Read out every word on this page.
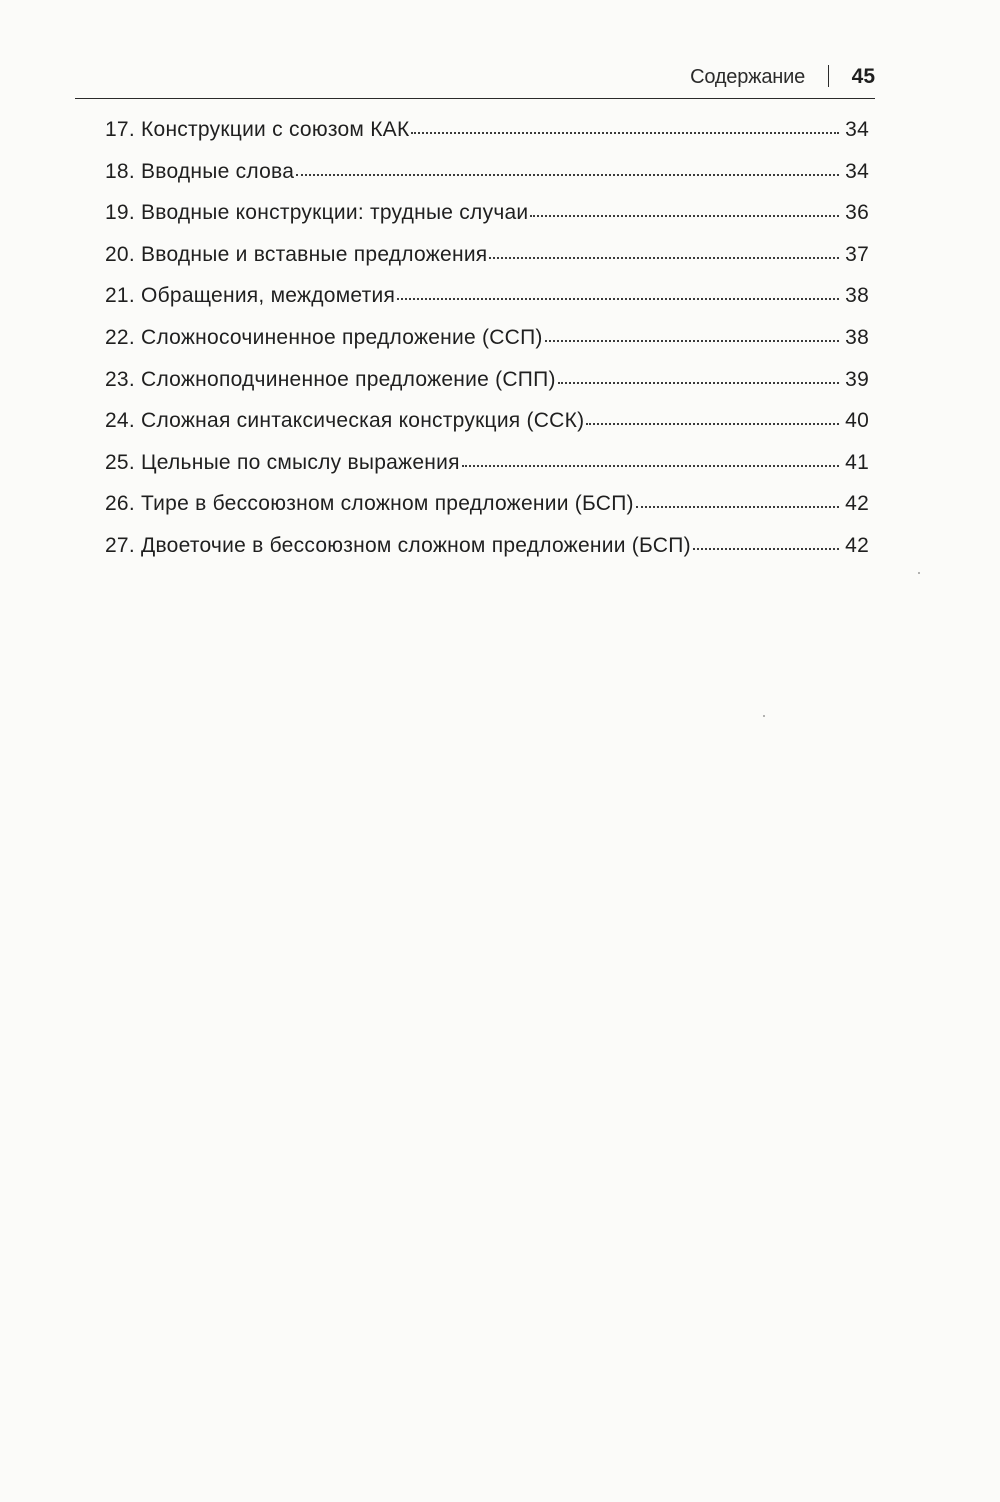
Содержание 45
17. Конструкции с союзом КАК	34
18. Вводные слова	34
19. Вводные конструкции: трудные случаи	36
20. Вводные и вставные предложения	37
21. Обращения, междометия	38
22. Сложносочиненное предложение (ССП)	38
23. Сложноподчиненное предложение (СПП)	39
24. Сложная синтаксическая конструкция (ССК)	40
25. Цельные по смыслу выражения	41
26. Тире в бессоюзном сложном предложении (БСП)	42
27. Двоеточие в бессоюзном сложном предложении (БСП)	42
